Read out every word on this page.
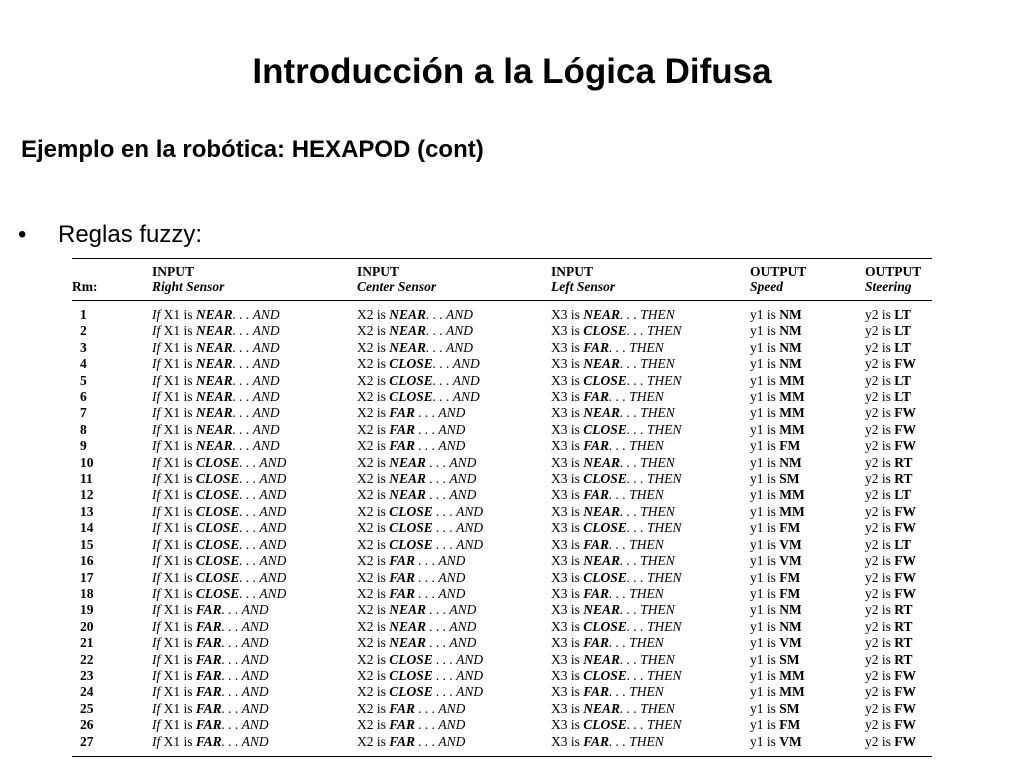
Introducción a la Lógica Difusa
Ejemplo en la robótica: HEXAPOD (cont)
•	Reglas fuzzy:
	INPUT	INPUT	INPUT	OUTPUT	OUTPUT
Rm:	Right Sensor	Center Sensor	Left Sensor	Speed	Steering
1	If X1 is NEAR. . . AND	X2 is NEAR. . . AND	X3 is NEAR. . . THEN	y1 is NM	y2 is LT
2	If X1 is NEAR. . . AND	X2 is NEAR. . . AND	X3 is CLOSE. . . THEN	y1 is NM	y2 is LT
3	If X1 is NEAR. . . AND	X2 is NEAR. . . AND	X3 is FAR. . . THEN	y1 is NM	y2 is LT
4	If X1 is NEAR. . . AND	X2 is CLOSE. . . AND	X3 is NEAR. . . THEN	y1 is NM	y2 is FW
5	If X1 is NEAR. . . AND	X2 is CLOSE. . . AND	X3 is CLOSE. . . THEN	y1 is MM	y2 is LT
6	If X1 is NEAR. . . AND	X2 is CLOSE. . . AND	X3 is FAR. . . THEN	y1 is MM	y2 is LT
7	If X1 is NEAR. . . AND	X2 is FAR . . . AND	X3 is NEAR. . . THEN	y1 is MM	y2 is FW
8	If X1 is NEAR. . . AND	X2 is FAR . . . AND	X3 is CLOSE. . . THEN	y1 is MM	y2 is FW
9	If X1 is NEAR. . . AND	X2 is FAR . . . AND	X3 is FAR. . . THEN	y1 is FM	y2 is FW
10	If X1 is CLOSE. . . AND	X2 is NEAR . . . AND	X3 is NEAR. . . THEN	y1 is NM	y2 is RT
11	If X1 is CLOSE. . . AND	X2 is NEAR . . . AND	X3 is CLOSE. . . THEN	y1 is SM	y2 is RT
12	If X1 is CLOSE. . . AND	X2 is NEAR . . . AND	X3 is FAR. . . THEN	y1 is MM	y2 is LT
13	If X1 is CLOSE. . . AND	X2 is CLOSE . . . AND	X3 is NEAR. . . THEN	y1 is MM	y2 is FW
14	If X1 is CLOSE. . . AND	X2 is CLOSE . . . AND	X3 is CLOSE. . . THEN	y1 is FM	y2 is FW
15	If X1 is CLOSE. . . AND	X2 is CLOSE . . . AND	X3 is FAR. . . THEN	y1 is VM	y2 is LT
16	If X1 is CLOSE. . . AND	X2 is FAR . . . AND	X3 is NEAR. . . THEN	y1 is VM	y2 is FW
17	If X1 is CLOSE. . . AND	X2 is FAR . . . AND	X3 is CLOSE. . . THEN	y1 is FM	y2 is FW
18	If X1 is CLOSE. . . AND	X2 is FAR . . . AND	X3 is FAR. . . THEN	y1 is FM	y2 is FW
19	If X1 is FAR. . . AND	X2 is NEAR . . . AND	X3 is NEAR. . . THEN	y1 is NM	y2 is RT
20	If X1 is FAR. . . AND	X2 is NEAR . . . AND	X3 is CLOSE. . . THEN	y1 is NM	y2 is RT
21	If X1 is FAR. . . AND	X2 is NEAR . . . AND	X3 is FAR. . . THEN	y1 is VM	y2 is RT
22	If X1 is FAR. . . AND	X2 is CLOSE . . . AND	X3 is NEAR. . . THEN	y1 is SM	y2 is RT
23	If X1 is FAR. . . AND	X2 is CLOSE . . . AND	X3 is CLOSE. . . THEN	y1 is MM	y2 is FW
24	If X1 is FAR. . . AND	X2 is CLOSE . . . AND	X3 is FAR. . . THEN	y1 is MM	y2 is FW
25	If X1 is FAR. . . AND	X2 is FAR . . . AND	X3 is NEAR. . . THEN	y1 is SM	y2 is FW
26	If X1 is FAR. . . AND	X2 is FAR . . . AND	X3 is CLOSE. . . THEN	y1 is FM	y2 is FW
27	If X1 is FAR. . . AND	X2 is FAR . . . AND	X3 is FAR. . . THEN	y1 is VM	y2 is FW
